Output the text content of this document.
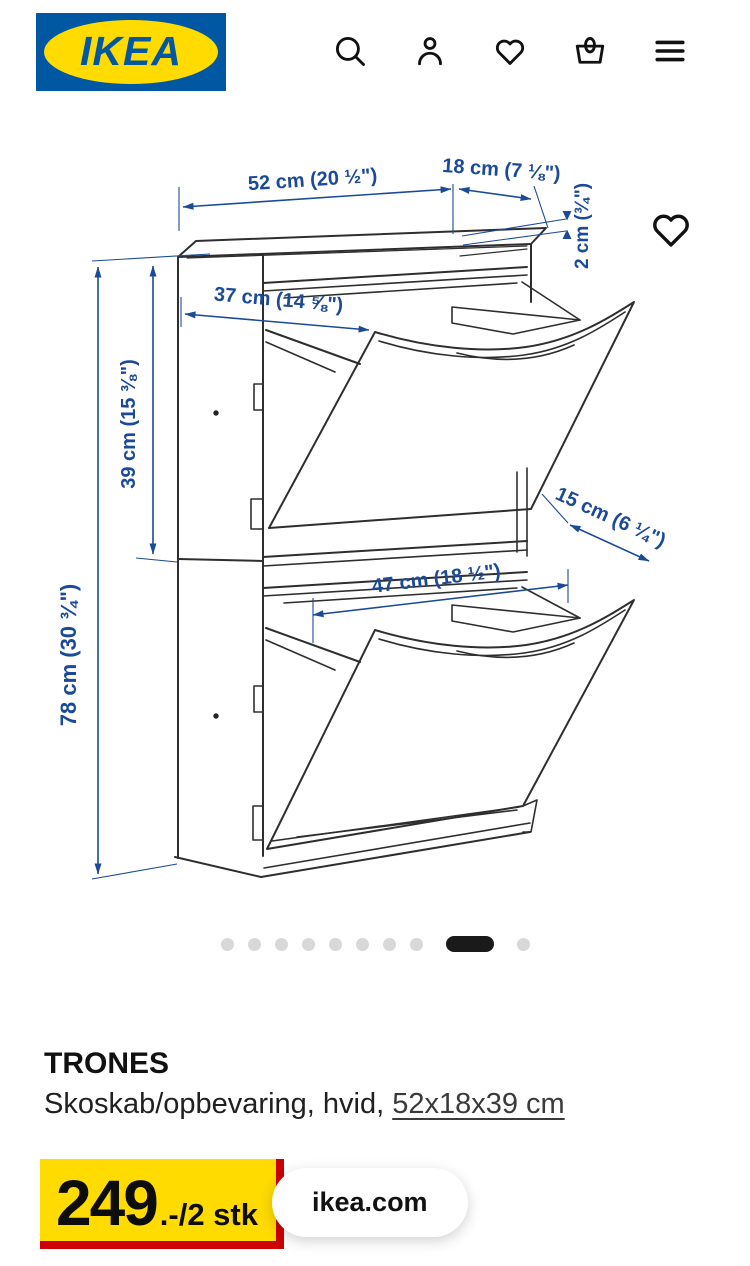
IKEA ®
52 cm (20 ½")	18 cm (7 ⅛")
2 cm (¾")
37 cm (14 ⅝")
39 cm (15 ⅜")
78 cm (30 ¾")
47 cm (18 ½")
15 cm (6 ¼")
TRONES

Skoskab/opbevaring, hvid, 52x18x39 cm

249 .-/2 stk	ikea.com
